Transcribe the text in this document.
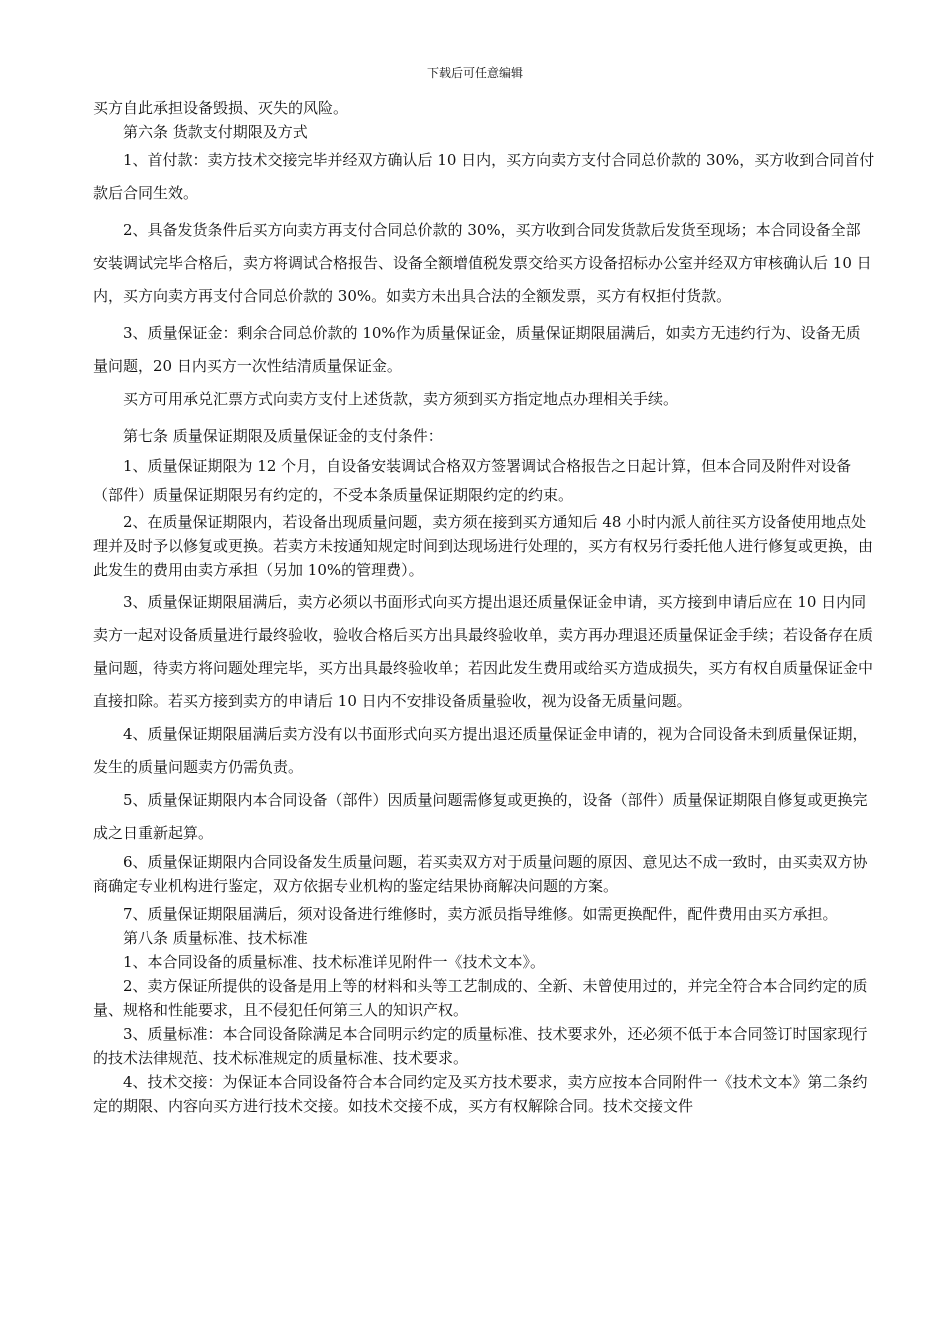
下载后可任意编辑

买方自此承担设备毁损、灭失的风险。

第六条 货款支付期限及方式

1、首付款：卖方技术交接完毕并经双方确认后 10 日内，买方向卖方支付合同总价款的 30%，买方收到合同首付款后合同生效。

2、具备发货条件后买方向卖方再支付合同总价款的 30%，买方收到合同发货款后发货至现场；本合同设备全部安装调试完毕合格后，卖方将调试合格报告、设备全额增值税发票交给买方设备招标办公室并经双方审核确认后 10 日内，买方向卖方再支付合同总价款的 30%。如卖方未出具合法的全额发票，买方有权拒付货款。

3、质量保证金：剩余合同总价款的 10%作为质量保证金，质量保证期限届满后，如卖方无违约行为、设备无质量问题，20 日内买方一次性结清质量保证金。

买方可用承兑汇票方式向卖方支付上述货款，卖方须到买方指定地点办理相关手续。

第七条 质量保证期限及质量保证金的支付条件：

1、质量保证期限为 12 个月，自设备安装调试合格双方签署调试合格报告之日起计算，但本合同及附件对设备（部件）质量保证期限另有约定的，不受本条质量保证期限约定的约束。

2、在质量保证期限内，若设备出现质量问题，卖方须在接到买方通知后 48 小时内派人前往买方设备使用地点处理并及时予以修复或更换。若卖方未按通知规定时间到达现场进行处理的，买方有权另行委托他人进行修复或更换，由此发生的费用由卖方承担（另加 10%的管理费）。

3、质量保证期限届满后，卖方必须以书面形式向买方提出退还质量保证金申请，买方接到申请后应在 10 日内同卖方一起对设备质量进行最终验收，验收合格后买方出具最终验收单，卖方再办理退还质量保证金手续；若设备存在质量问题，待卖方将问题处理完毕，买方出具最终验收单；若因此发生费用或给买方造成损失，买方有权自质量保证金中直接扣除。若买方接到卖方的申请后 10 日内不安排设备质量验收，视为设备无质量问题。

4、质量保证期限届满后卖方没有以书面形式向买方提出退还质量保证金申请的，视为合同设备未到质量保证期，发生的质量问题卖方仍需负责。

5、质量保证期限内本合同设备（部件）因质量问题需修复或更换的，设备（部件）质量保证期限自修复或更换完成之日重新起算。

6、质量保证期限内合同设备发生质量问题，若买卖双方对于质量问题的原因、意见达不成一致时，由买卖双方协商确定专业机构进行鉴定，双方依据专业机构的鉴定结果协商解决问题的方案。

7、质量保证期限届满后，须对设备进行维修时，卖方派员指导维修。如需更换配件，配件费用由买方承担。

第八条 质量标准、技术标准

1、本合同设备的质量标准、技术标准详见附件一《技术文本》。

2、卖方保证所提供的设备是用上等的材料和头等工艺制成的、全新、未曾使用过的，并完全符合本合同约定的质量、规格和性能要求，且不侵犯任何第三人的知识产权。

3、质量标准：本合同设备除满足本合同明示约定的质量标准、技术要求外，还必须不低于本合同签订时国家现行的技术法律规范、技术标准规定的质量标准、技术要求。

4、技术交接：为保证本合同设备符合本合同约定及买方技术要求，卖方应按本合同附件一《技术文本》第二条约定的期限、内容向买方进行技术交接。如技术交接不成，买方有权解除合同。技术交接文件
